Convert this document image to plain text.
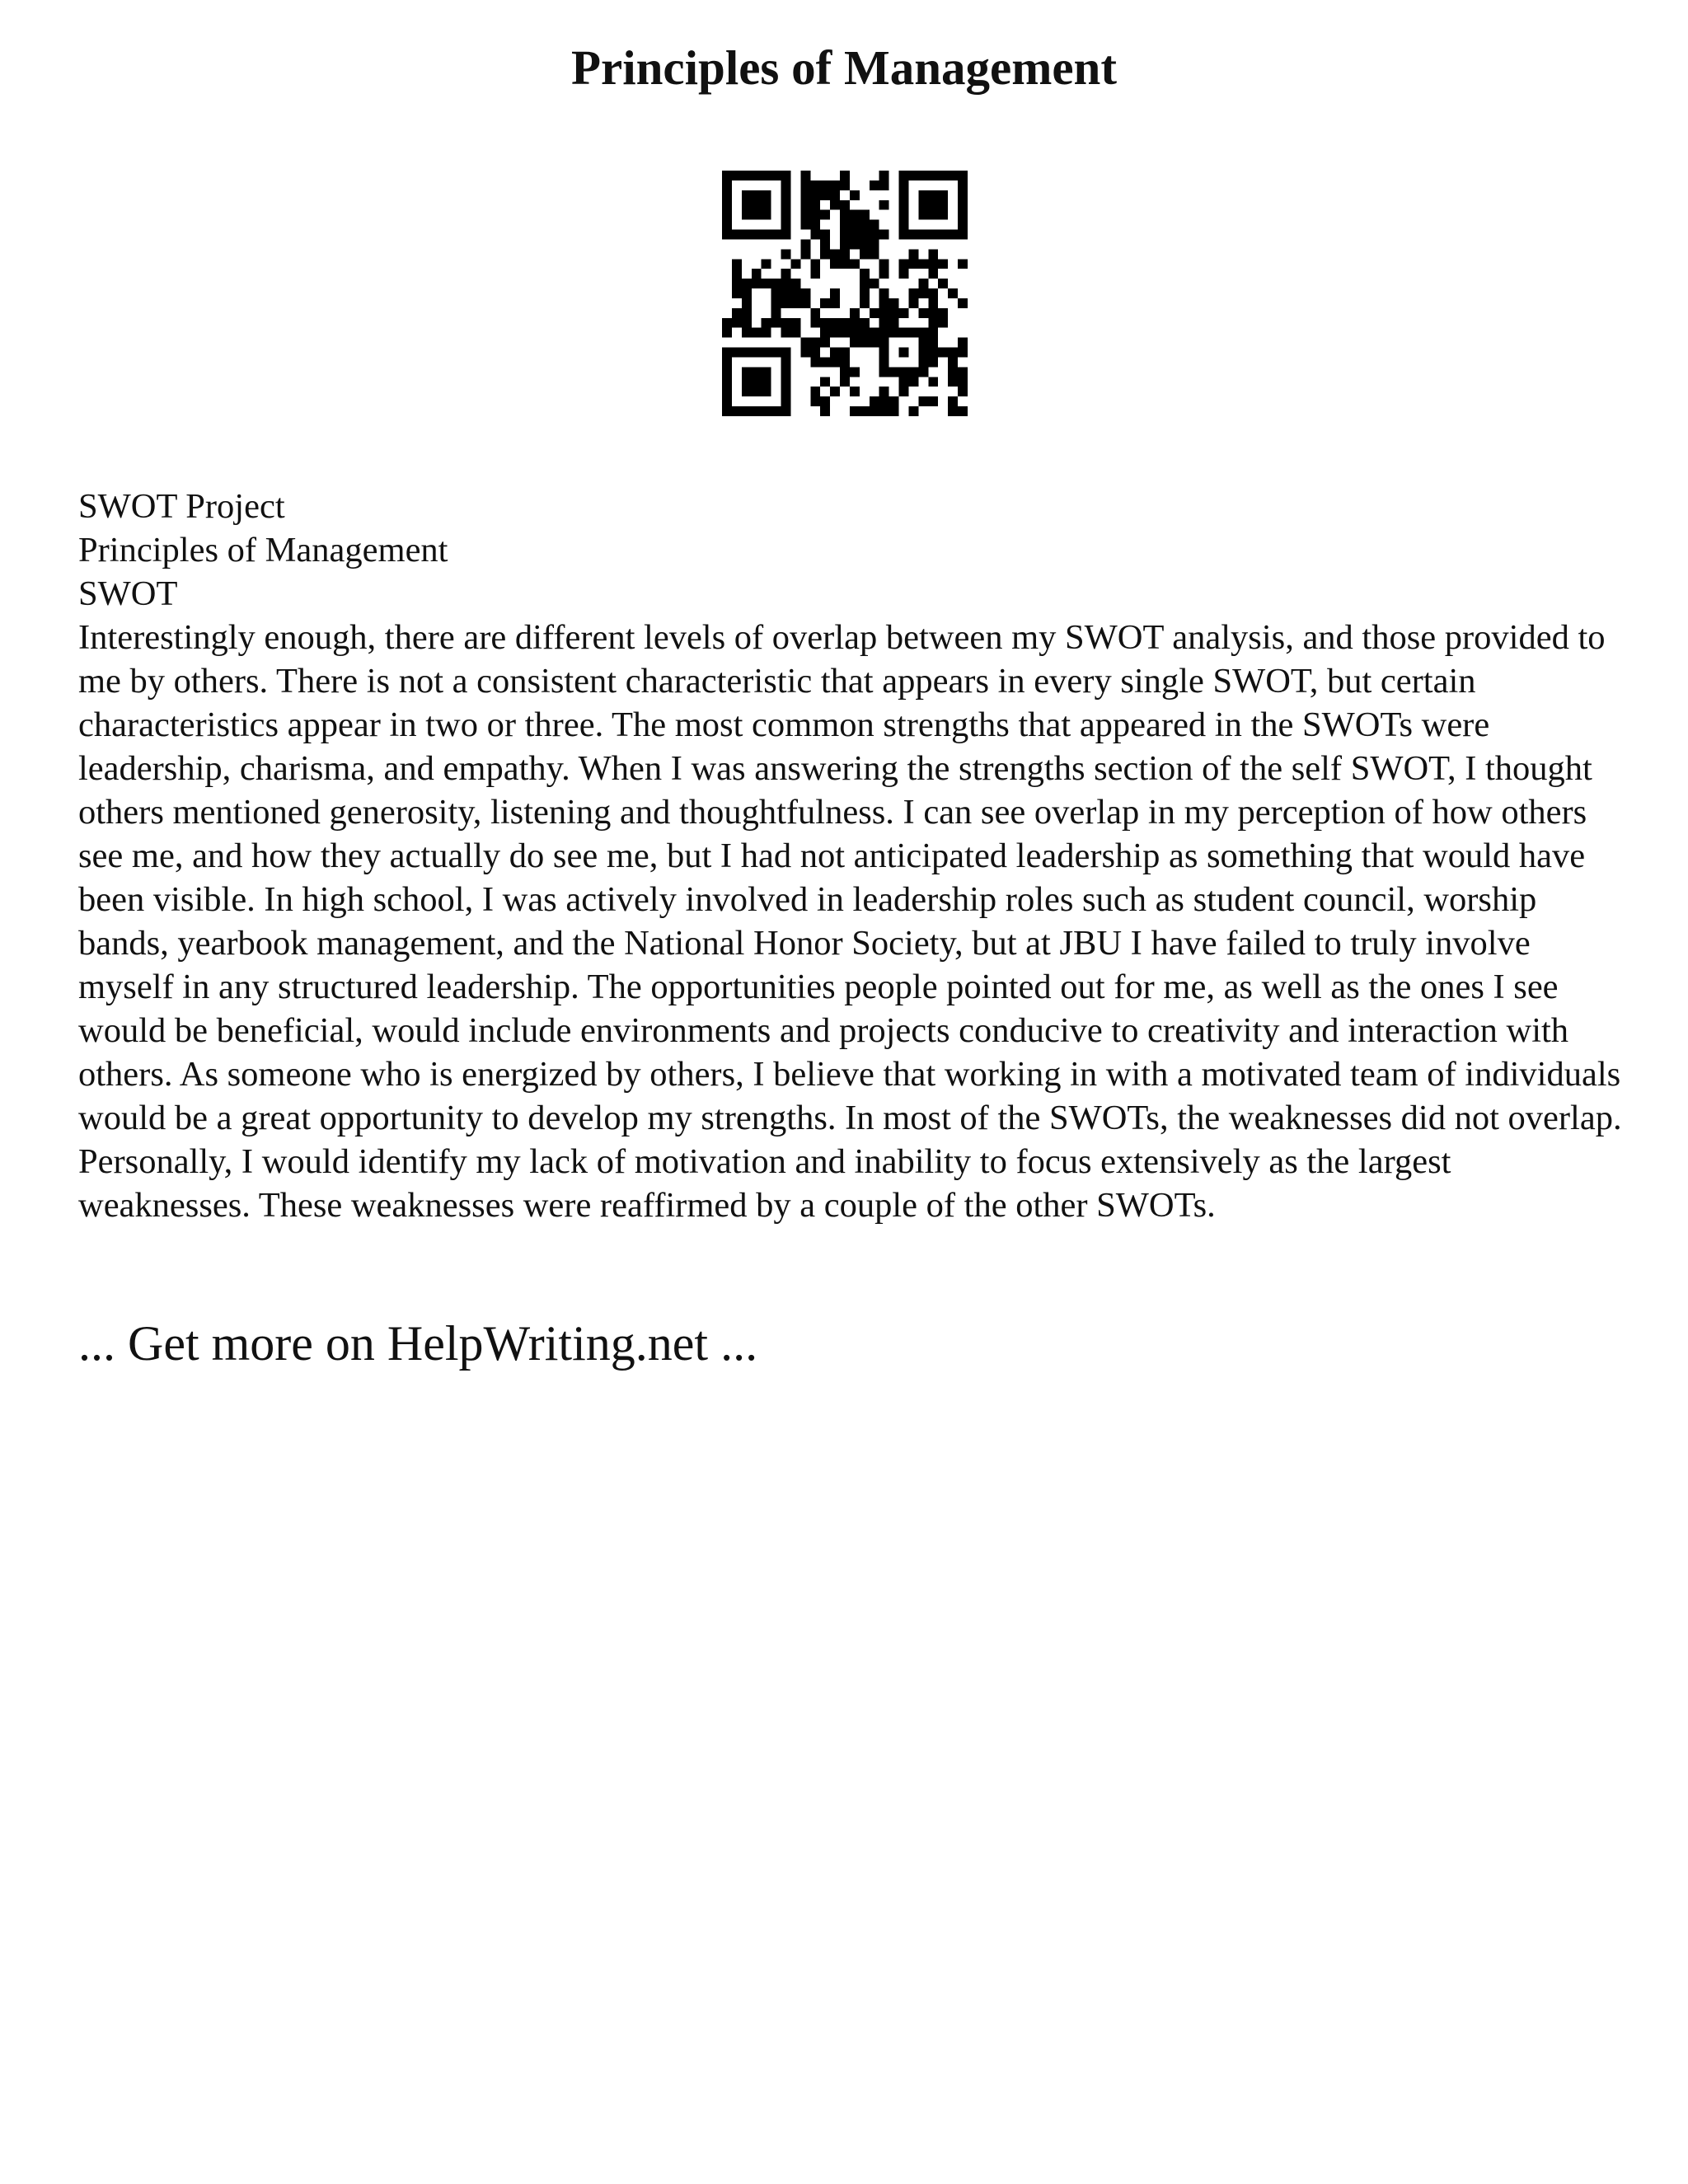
Principles of Management
SWOT Project
Principles of Management
SWOT
Interestingly enough, there are different levels of overlap between my SWOT analysis, and those provided to me by others. There is not a consistent characteristic that appears in every single SWOT, but certain characteristics appear in two or three. The most common strengths that appeared in the SWOTs were leadership, charisma, and empathy. When I was answering the strengths section of the self SWOT, I thought others mentioned generosity, listening and thoughtfulness. I can see overlap in my perception of how others see me, and how they actually do see me, but I had not anticipated leadership as something that would have been visible. In high school, I was actively involved in leadership roles such as student council, worship bands, yearbook management, and the National Honor Society, but at JBU I have failed to truly involve myself in any structured leadership. The opportunities people pointed out for me, as well as the ones I see would be beneficial, would include environments and projects conducive to creativity and interaction with others. As someone who is energized by others, I believe that working in with a motivated team of individuals would be a great opportunity to develop my strengths. In most of the SWOTs, the weaknesses did not overlap. Personally, I would identify my lack of motivation and inability to focus extensively as the largest weaknesses. These weaknesses were reaffirmed by a couple of the other SWOTs.

... Get more on HelpWriting.net ...
